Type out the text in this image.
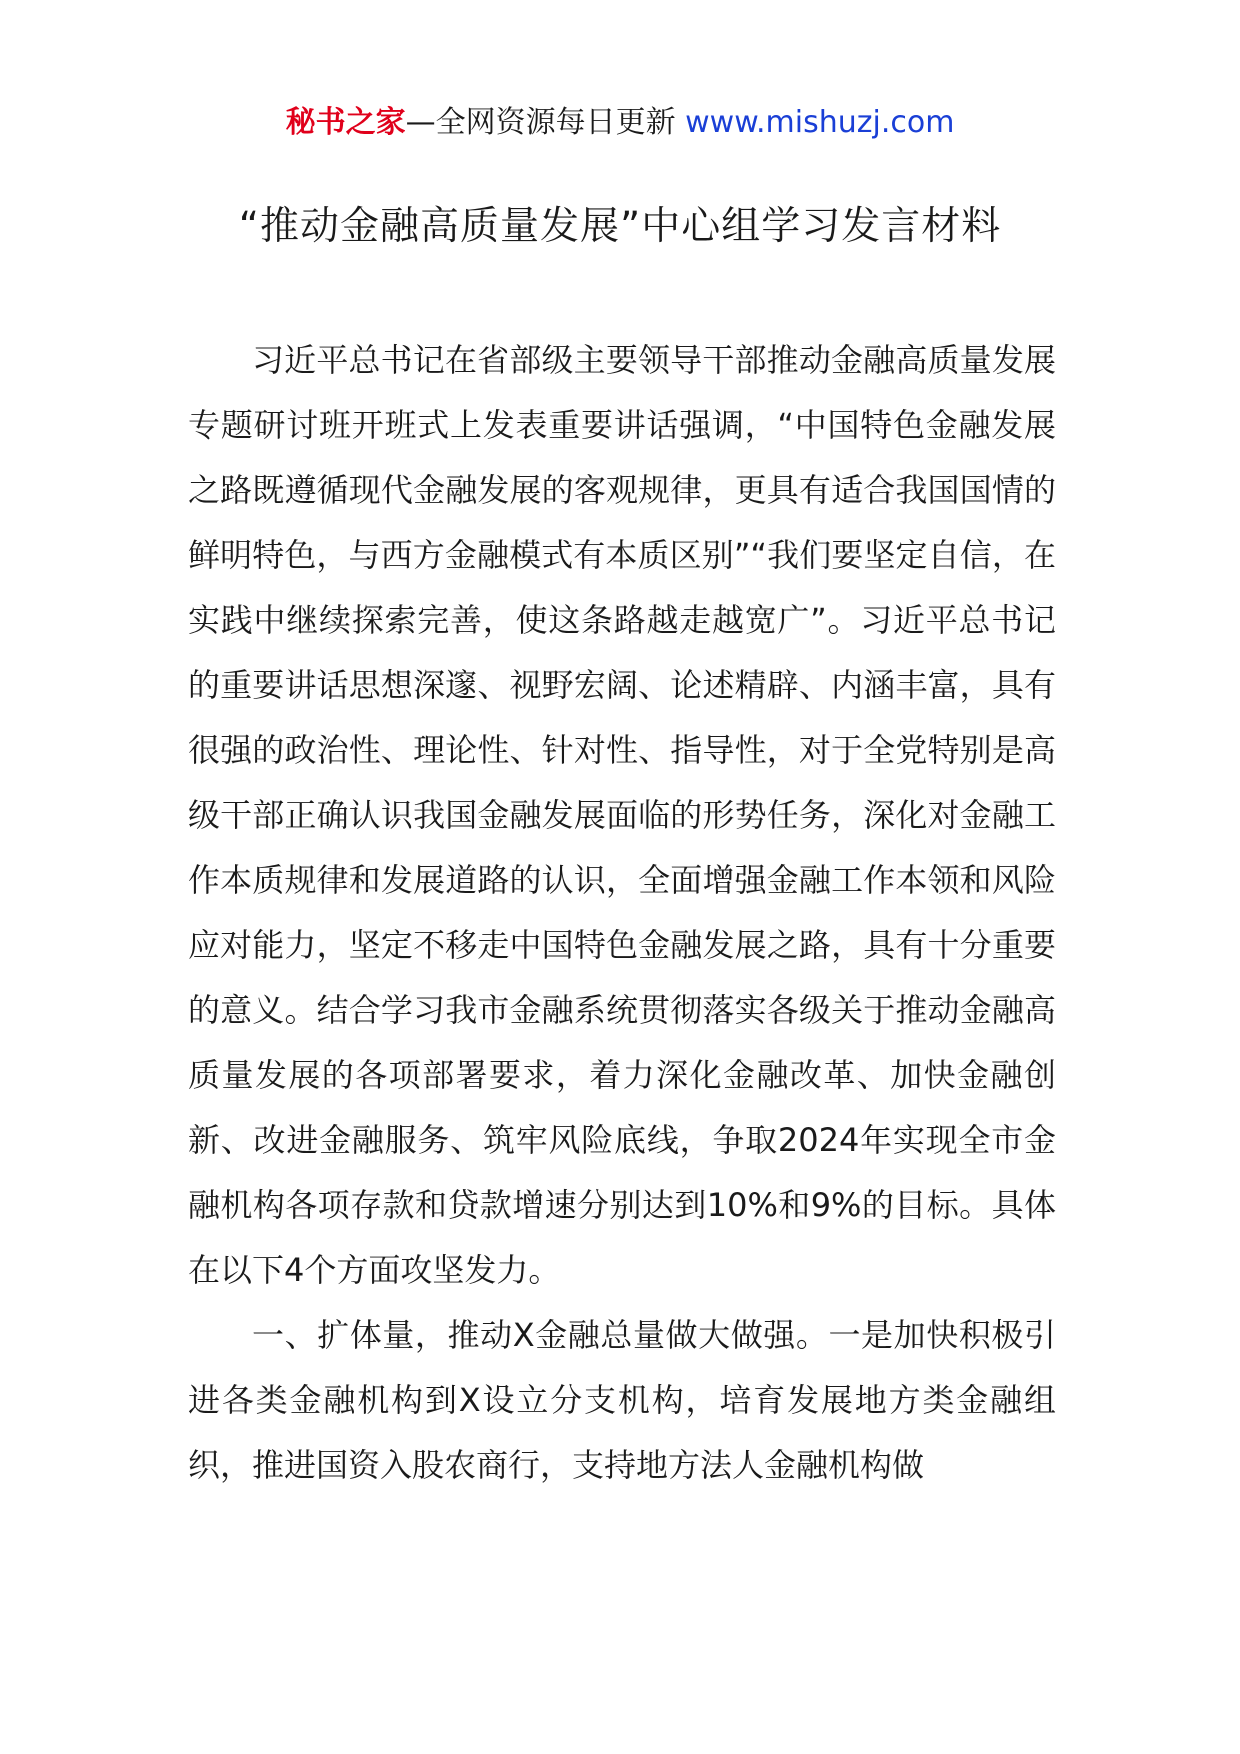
秘书之家—全网资源每日更新 www.mishuzj.com
“推动金融高质量发展”中心组学习发言材料

习近平总书记在省部级主要领导干部推动金融高质量发展专题研讨班开班式上发表重要讲话强调，“中国特色金融发展之路既遵循现代金融发展的客观规律，更具有适合我国国情的鲜明特色，与西方金融模式有本质区别”“我们要坚定自信，在实践中继续探索完善，使这条路越走越宽广”。习近平总书记的重要讲话思想深邃、视野宏阔、论述精辟、内涵丰富，具有很强的政治性、理论性、针对性、指导性，对于全党特别是高级干部正确认识我国金融发展面临的形势任务，深化对金融工作本质规律和发展道路的认识，全面增强金融工作本领和风险应对能力，坚定不移走中国特色金融发展之路，具有十分重要的意义。结合学习我市金融系统贯彻落实各级关于推动金融高质量发展的各项部署要求，着力深化金融改革、加快金融创新、改进金融服务、筑牢风险底线，争取2024年实现全市金融机构各项存款和贷款增速分别达到10%和9%的目标。具体在以下4个方面攻坚发力。

一、扩体量，推动X金融总量做大做强。一是加快积极引进各类金融机构到X设立分支机构，培育发展地方类金融组织，推进国资入股农商行，支持地方法人金融机构做
